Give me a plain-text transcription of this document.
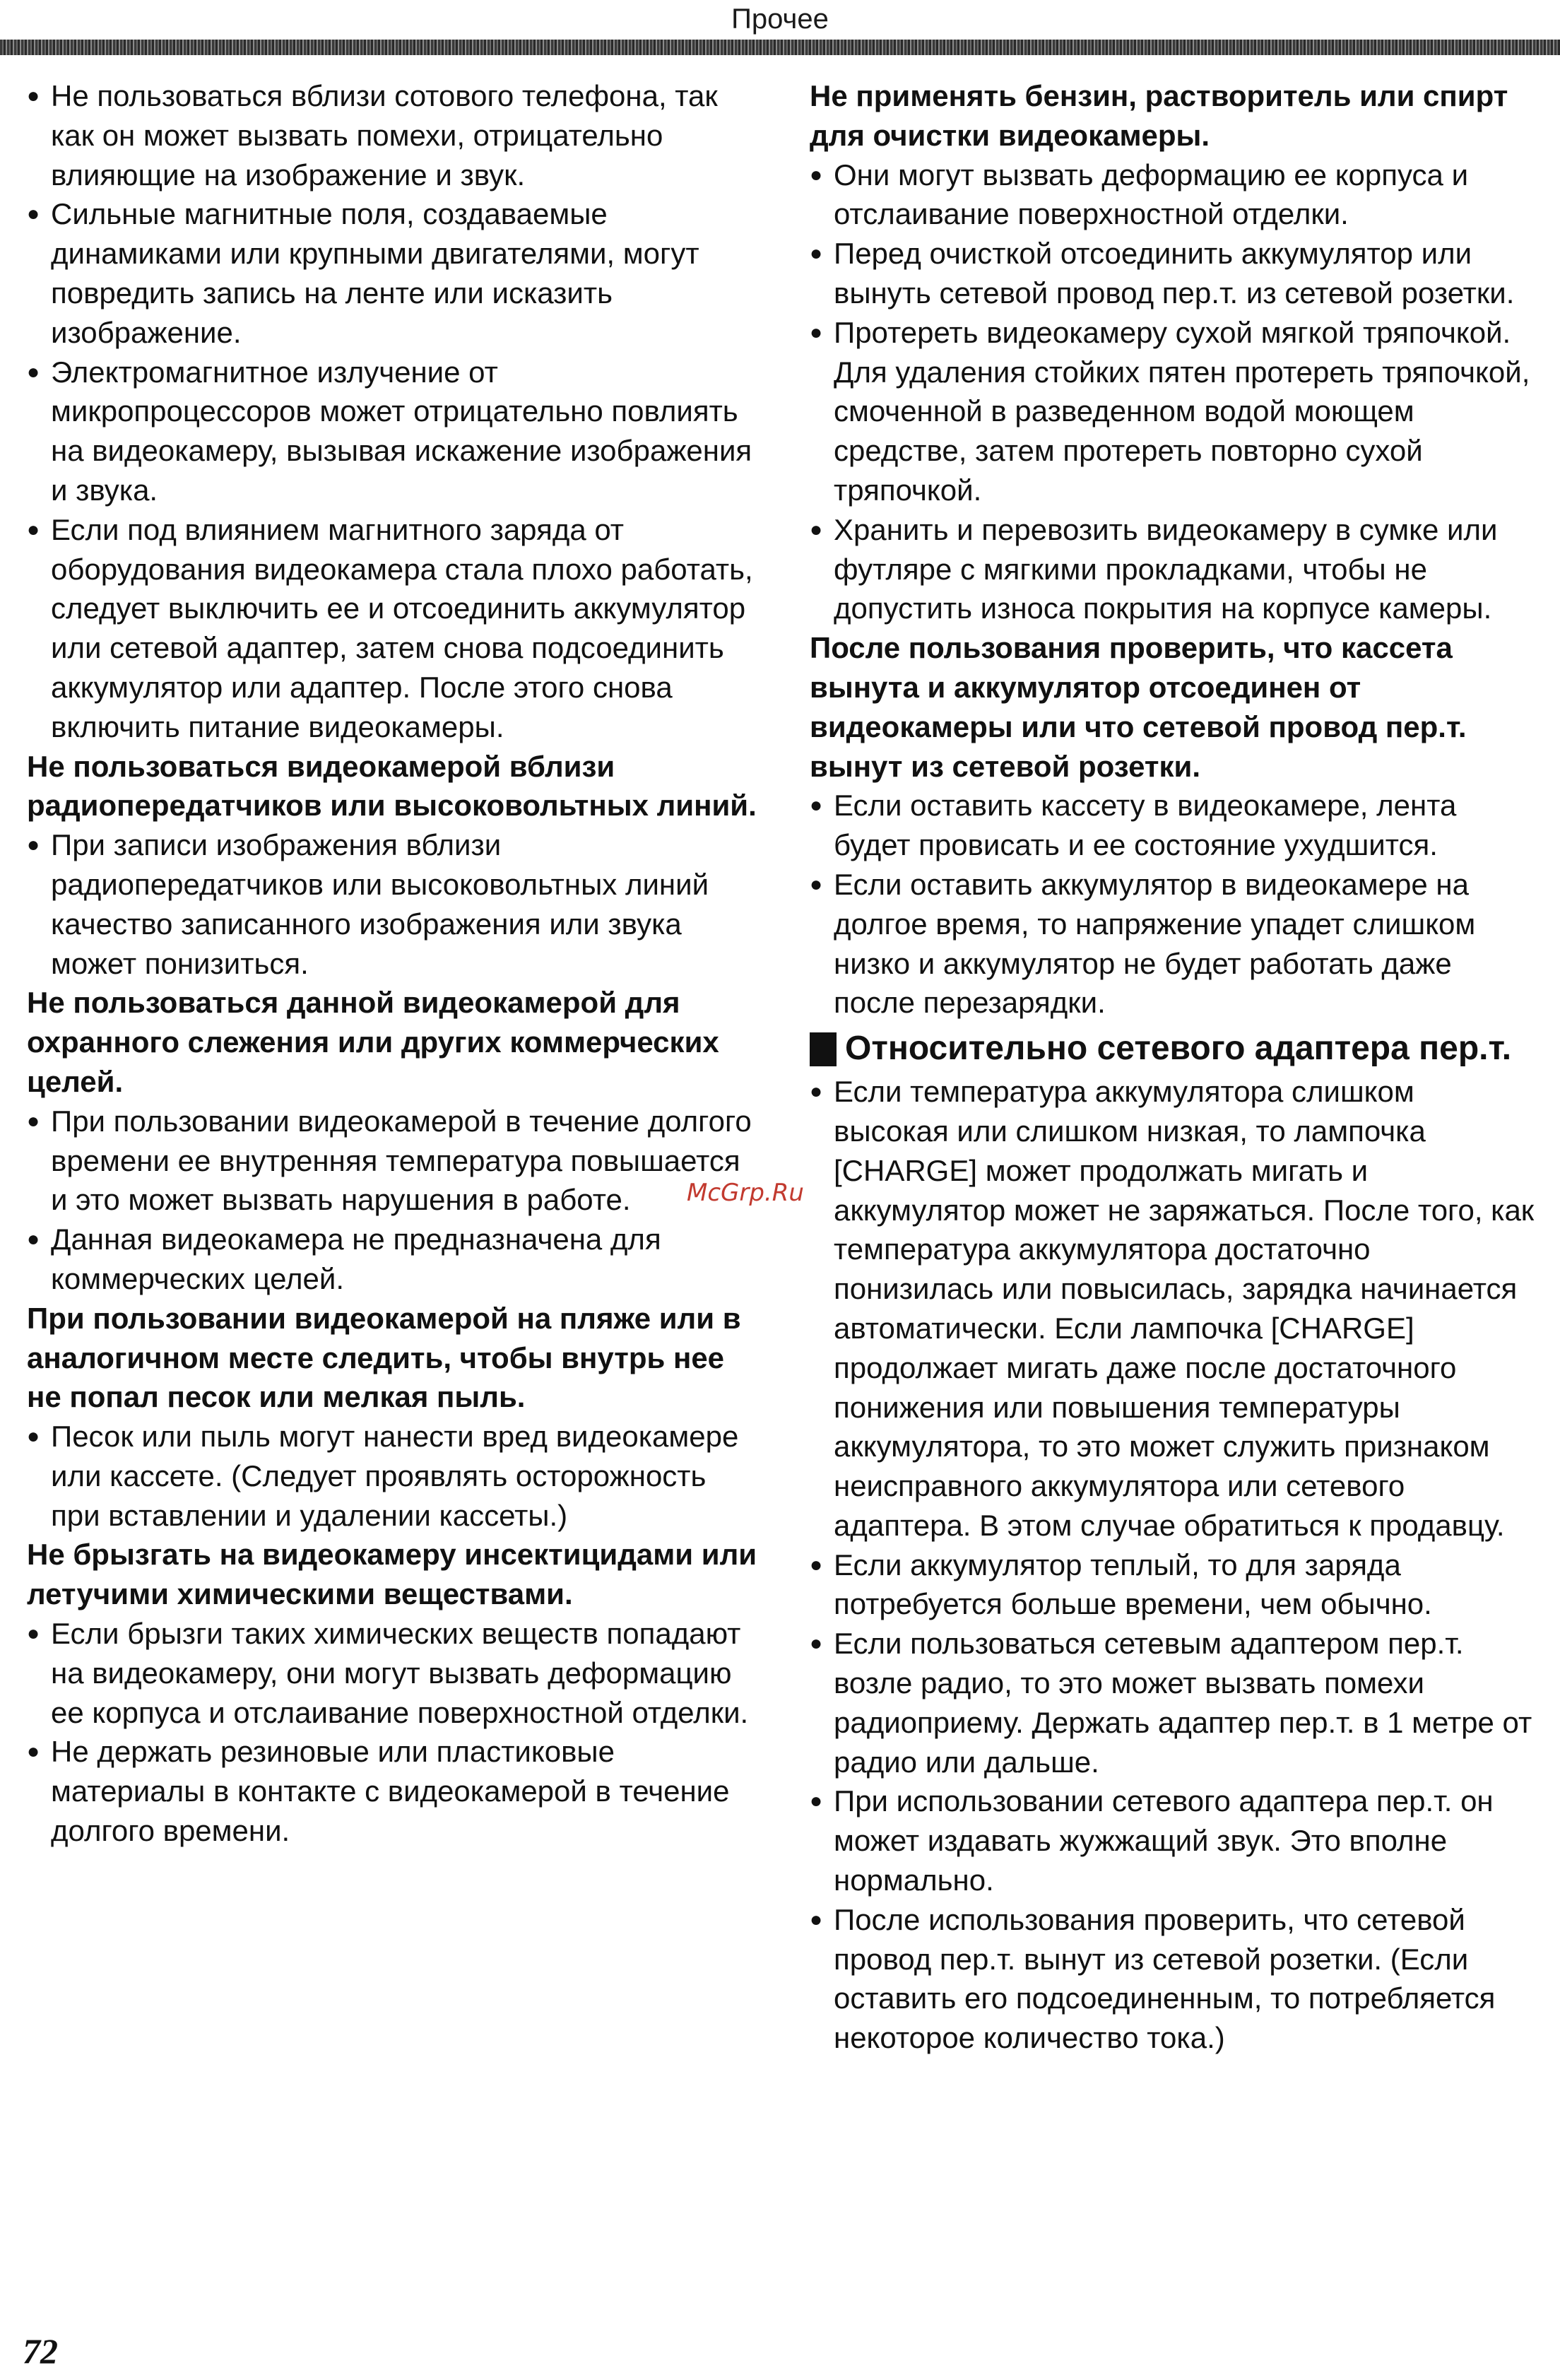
Прочее

● Не пользоваться вблизи сотового телефона, так как он может вызвать помехи, отрицательно влияющие на изображение и звук.

● Сильные магнитные поля, создаваемые динамиками или крупными двигателями, могут повредить запись на ленте или исказить изображение.

● Электромагнитное излучение от микропроцессоров может отрицательно повлиять на видеокамеру, вызывая искажение изображения и звука.

● Если под влиянием магнитного заряда от оборудования видеокамера стала плохо работать, следует выключить ее и отсоединить аккумулятор или сетевой адаптер, затем снова подсоединить аккумулятор или адаптер. После этого снова включить питание видеокамеры.

Не пользоваться видеокамерой вблизи радиопередатчиков или высоковольтных линий.

● При записи изображения вблизи радиопередатчиков или высоковольтных линий качество записанного изображения или звука может понизиться.

Не пользоваться данной видеокамерой для охранного слежения или других коммерческих целей.

● При пользовании видеокамерой в течение долгого времени ее внутренняя температура повышается и это может вызвать нарушения в работе.

● Данная видеокамера не предназначена для коммерческих целей.

При пользовании видеокамерой на пляже или в аналогичном месте следить, чтобы внутрь нее не попал песок или мелкая пыль.

● Песок или пыль могут нанести вред видеокамере или кассете. (Следует проявлять осторожность при вставлении и удалении кассеты.)

Не брызгать на видеокамеру инсектицидами или летучими химическими веществами.

● Если брызги таких химических веществ попадают на видеокамеру, они могут вызвать деформацию ее корпуса и отслаивание поверхностной отделки.

● Не держать резиновые или пластиковые материалы в контакте с видеокамерой в течение долгого времени.

Не применять бензин, растворитель или спирт для очистки видеокамеры.

● Они могут вызвать деформацию ее корпуса и отслаивание поверхностной отделки.

● Перед очисткой отсоединить аккумулятор или вынуть сетевой провод пер.т. из сетевой розетки.

● Протереть видеокамеру сухой мягкой тряпочкой. Для удаления стойких пятен протереть тряпочкой, смоченной в разведенном водой моющем средстве, затем протереть повторно сухой тряпочкой.

● Хранить и перевозить видеокамеру в сумке или футляре с мягкими прокладками, чтобы не допустить износа покрытия на корпусе камеры.

После пользования проверить, что кассета вынута и аккумулятор отсоединен от видеокамеры или что сетевой провод пер.т. вынут из сетевой розетки.

● Если оставить кассету в видеокамере, лента будет провисать и ее состояние ухудшится.

● Если оставить аккумулятор в видеокамере на долгое время, то напряжение упадет слишком низко и аккумулятор не будет работать даже после перезарядки.

Относительно сетевого адаптера пер.т.

● Если температура аккумулятора слишком высокая или слишком низкая, то лампочка [CHARGE] может продолжать мигать и аккумулятор может не заряжаться. После того, как температура аккумулятора достаточно понизилась или повысилась, зарядка начинается автоматически. Если лампочка [CHARGE] продолжает мигать даже после достаточного понижения или повышения температуры аккумулятора, то это может служить признаком неисправного аккумулятора или сетевого адаптера. В этом случае обратиться к продавцу.

● Если аккумулятор теплый, то для заряда потребуется больше времени, чем обычно.

● Если пользоваться сетевым адаптером пер.т. возле радио, то это может вызвать помехи радиоприему. Держать адаптер пер.т. в 1 метре от радио или дальше.

● При использовании сетевого адаптера пер.т. он может издавать жужжащий звук. Это вполне нормально.

● После использования проверить, что сетевой провод пер.т. вынут из сетевой розетки. (Если оставить его подсоединенным, то потребляется некоторое количество тока.)

McGrp.Ru
72
